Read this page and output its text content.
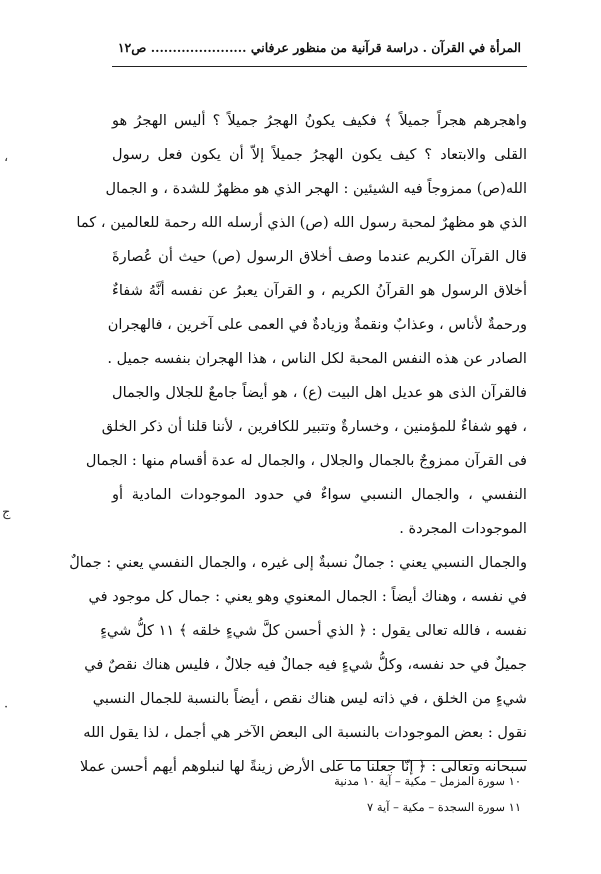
المرأة في القرآن . دراسة قرآنية من منظور عرفاني ...................... ص١٢
واهجرهم هجراً جميلاً ﴾ فكيف يكونُ الهجرُ جميلاً ؟ أليس الهجرُ هو
القلى والابتعاد ؟ كيف يكون الهجرُ جميلاً إلاّ أن يكون فعل رسول
الله(ص) ممزوجاً فيه الشيئين : الهجر الذي هو مظهرٌ للشدة ، و الجمال
الذي هو مظهرٌ لمحبة رسول الله (ص) الذي أرسله الله رحمة للعالمين ، كما
قال القرآن الكريم عندما وصف أخلاق الرسول (ص) حيث أن عُصارةَ
أخلاق الرسول هو القرآنُ الكريم ، و القرآن يعبرُ عن نفسه أنَّهُ شفاءٌ
ورحمةٌ لأناس ، وعذابٌ ونقمةٌ وزيادةٌ في العمى على آخرين ، فالهجران
الصادر عن هذه النفس المحبة لكل الناس ، هذا الهجران بنفسه جميل .
فالقرآن الذى هو عديل اهل البيت (ع) ، هو أيضاً جامعٌ للجلال والجمال
، فهو شفاءٌ للمؤمنين ، وخسارةٌ وتتبير للكافرين ، لأننا قلنا أن ذكر الخلق
فى القرآن ممزوجٌ بالجمال والجلال ، والجمال له عدة أقسام منها : الجمال
النفسي ، والجمال النسبي سواءٌ في حدود الموجودات المادية أو
الموجودات المجردة .
والجمال النسبي يعني : جمالٌ نسبةٌ إلى غيره ، والجمال النفسي يعني : جمالٌ
في نفسه ، وهناك أيضاً : الجمال المعنوي وهو يعني : جمال كل موجود في
نفسه ، فالله تعالى يقول : ﴿ الذي أحسن كلَّ شيءٍ خلقه ﴾ ١١ كلُّ شيءٍ
جميلٌ في حد نفسه، وكلُّ شيءٍ فيه جمالٌ فيه جلالٌ ، فليس هناك نقصٌ في
شيءٍ من الخلق ، في ذاته ليس هناك نقص ، أيضاً بالنسبة للجمال النسبي
نقول : بعض الموجودات بالنسبة الى البعض الآخر هي أجمل ، لذا يقول الله
سبحانه وتعالى : ﴿ إنّا جعلنا ما على الأرض زينةً لها لنبلوهم أيهم أحسن عملا
١٠ سورة المزمل – مكية – آية ١٠ مدنية
١١ سورة السجدة – مكية – آية ٧
،
ج
·
